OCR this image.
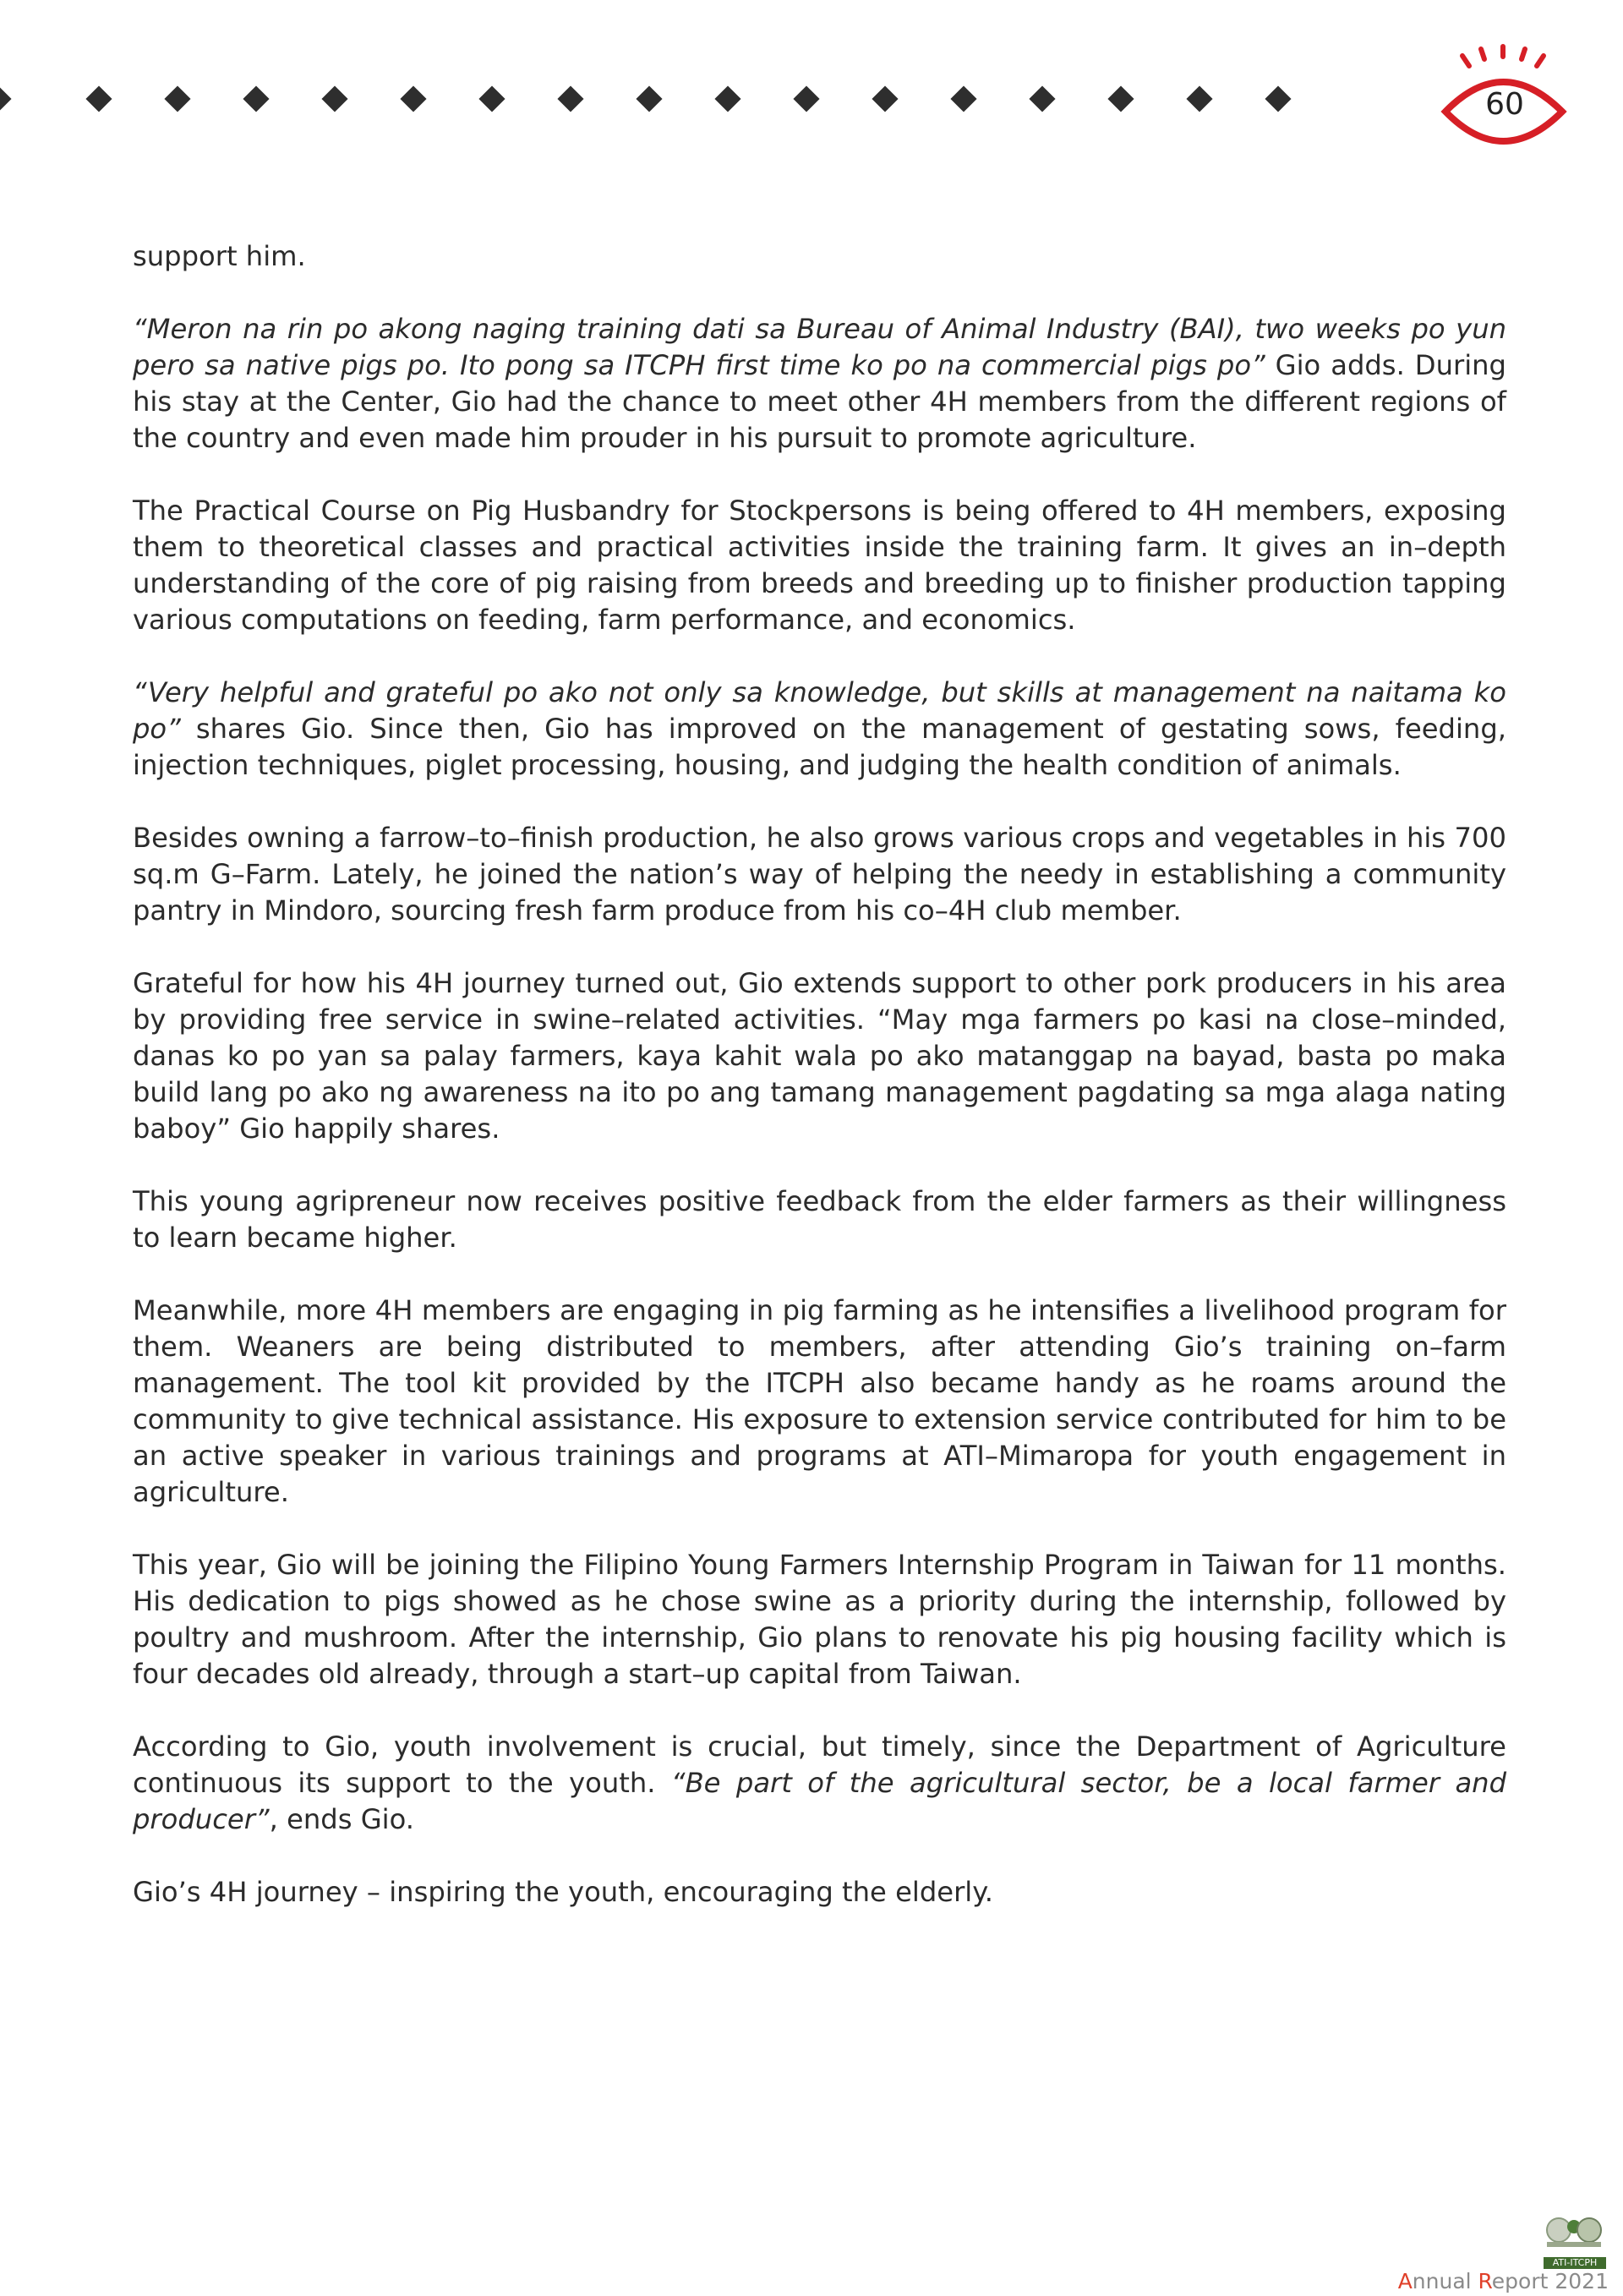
60

support him.

“Meron na rin po akong naging training dati sa Bureau of Animal Industry (BAI), two weeks po yun pero sa native pigs po. Ito pong sa ITCPH first time ko po na commercial pigs po” Gio adds. During his stay at the Center, Gio had the chance to meet other 4H members from the different regions of the country and even made him prouder in his pursuit to promote agriculture.

The Practical Course on Pig Husbandry for Stockpersons is being offered to 4H members, exposing them to theoretical classes and practical activities inside the training farm. It gives an in–depth understanding of the core of pig raising from breeds and breeding up to finisher production tapping various computations on feeding, farm performance, and economics.

“Very helpful and grateful po ako not only sa knowledge, but skills at management na naitama ko po” shares Gio. Since then, Gio has improved on the management of gestating sows, feeding, injection techniques, piglet processing, housing, and judging the health condition of animals.

Besides owning a farrow–to–finish production, he also grows various crops and vegetables in his 700 sq.m G–Farm. Lately, he joined the nation’s way of helping the needy in establishing a community pantry in Mindoro, sourcing fresh farm produce from his co–4H club member.

Grateful for how his 4H journey turned out, Gio extends support to other pork producers in his area by providing free service in swine–related activities. “May mga farmers po kasi na close–minded, danas ko po yan sa palay farmers, kaya kahit wala po ako matanggap na bayad, basta po maka build lang po ako ng awareness na ito po ang tamang management pagdating sa mga alaga nating baboy” Gio happily shares.

This young agripreneur now receives positive feedback from the elder farmers as their willingness to learn became higher.

Meanwhile, more 4H members are engaging in pig farming as he intensifies a livelihood program for them. Weaners are being distributed to members, after attending Gio’s training on–farm management. The tool kit provided by the ITCPH also became handy as he roams around the community to give technical assistance. His exposure to extension service contributed for him to be an active speaker in various trainings and programs at ATI–Mimaropa for youth engagement in agriculture.

This year, Gio will be joining the Filipino Young Farmers Internship Program in Taiwan for 11 months. His dedication to pigs showed as he chose swine as a priority during the internship, followed by poultry and mushroom. After the internship, Gio plans to renovate his pig housing facility which is four decades old already, through a start–up capital from Taiwan.

According to Gio, youth involvement is crucial, but timely, since the Department of Agriculture continuous its support to the youth. “Be part of the agricultural sector, be a local farmer and producer”, ends Gio.

Gio’s 4H journey – inspiring the youth, encouraging the elderly.

ATI-ITCPH
Annual Report 2021
